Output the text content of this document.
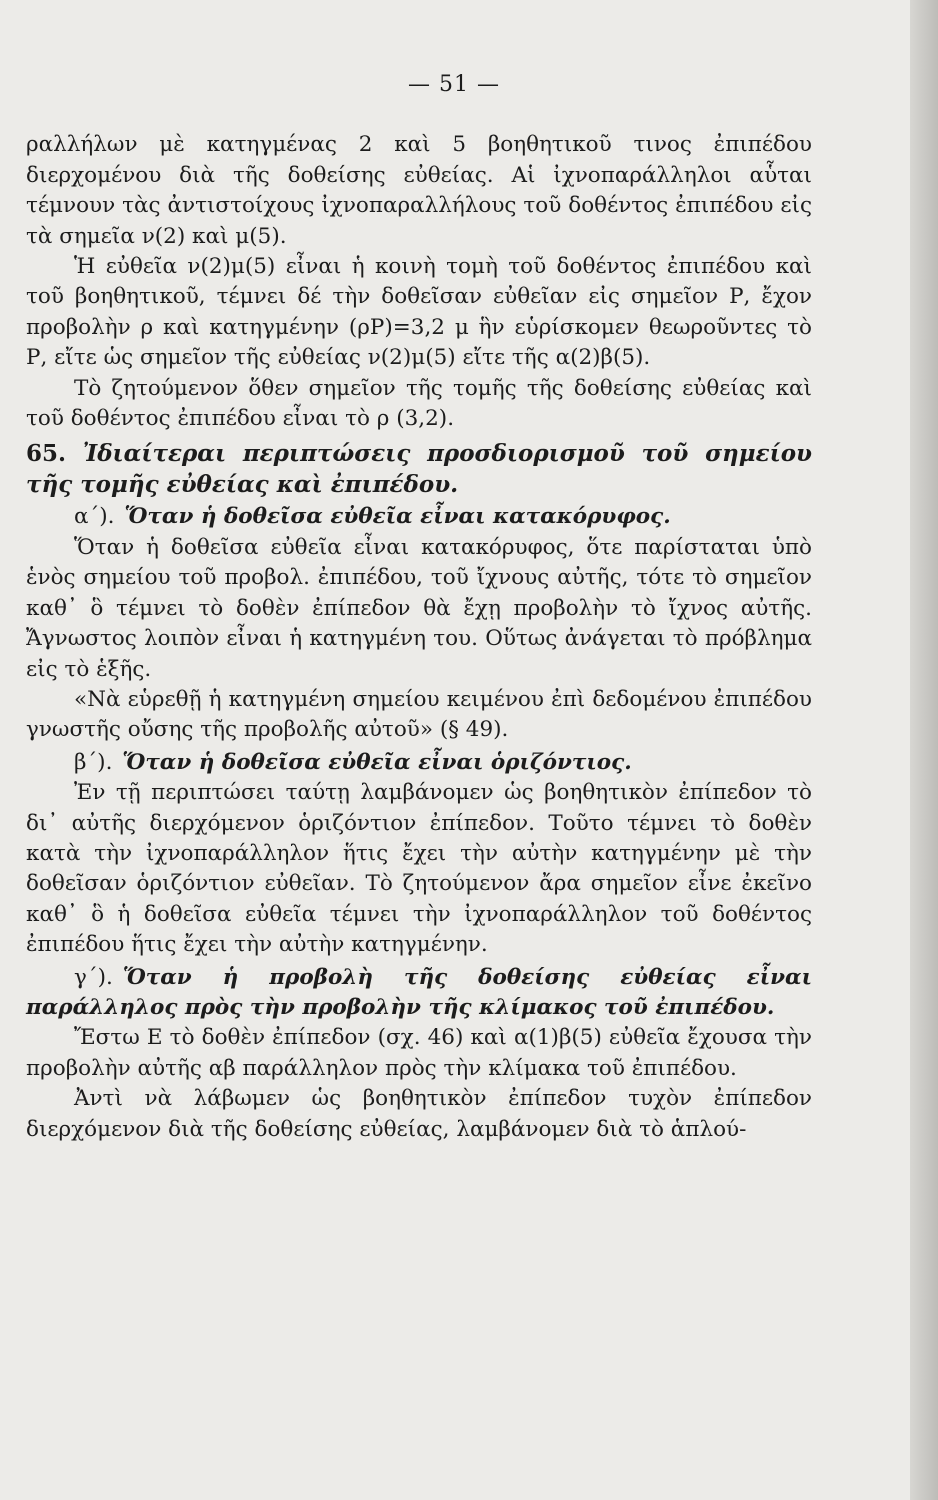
— 51 —

ραλλήλων μὲ κατηγμένας 2 καὶ 5 βοηθητικοῦ τινος ἐπιπέδου διερχομένου διὰ τῆς δοθείσης εὐθείας. Αἱ ἰχνοπαράλληλοι αὗται τέμνουν τὰς ἀντιστοίχους ἰχνοπαραλλήλους τοῦ δοθέντος ἐπιπέδου εἰς τὰ σημεῖα ν(2) καὶ μ(5).

Ἡ εὐθεῖα ν(2)μ(5) εἶναι ἡ κοινὴ τομὴ τοῦ δοθέντος ἐπιπέδου καὶ τοῦ βοηθητικοῦ, τέμνει δέ τὴν δοθεῖσαν εὐθεῖαν εἰς σημεῖον Ρ, ἔχον προβολὴν ρ καὶ κατηγμένην (ρΡ)=3,2 μ ἣν εὑρίσκομεν θεωροῦντες τὸ Ρ, εἴτε ὡς σημεῖον τῆς εὐθείας ν(2)μ(5) εἴτε τῆς α(2)β(5).

Τὸ ζητούμενον ὅθεν σημεῖον τῆς τομῆς τῆς δοθείσης εὐθείας καὶ τοῦ δοθέντος ἐπιπέδου εἶναι τὸ ρ (3,2).

65. Ἰδιαίτεραι περιπτώσεις προσδιορισμοῦ τοῦ σημείου τῆς τομῆς εὐθείας καὶ ἐπιπέδου.

α΄). Ὅταν ἡ δοθεῖσα εὐθεῖα εἶναι κατακόρυφος.

Ὅταν ἡ δοθεῖσα εὐθεῖα εἶναι κατακόρυφος, ὅτε παρίσταται ὑπὸ ἑνὸς σημείου τοῦ προβολ. ἐπιπέδου, τοῦ ἴχνους αὐτῆς, τότε τὸ σημεῖον καθ᾽ ὃ τέμνει τὸ δοθὲν ἐπίπεδον θὰ ἔχῃ προβολὴν τὸ ἴχνος αὐτῆς. Ἄγνωστος λοιπὸν εἶναι ἡ κατηγμένη του. Οὕτως ἀνάγεται τὸ πρόβλημα εἰς τὸ ἑξῆς.

«Νὰ εὑρεθῇ ἡ κατηγμένη σημείου κειμένου ἐπὶ δεδομένου ἐπιπέδου γνωστῆς οὔσης τῆς προβολῆς αὐτοῦ» (§ 49).

β΄). Ὅταν ἡ δοθεῖσα εὐθεῖα εἶναι ὁριζόντιος.

Ἐν τῇ περιπτώσει ταύτῃ λαμβάνομεν ὡς βοηθητικὸν ἐπίπεδον τὸ δι᾽ αὐτῆς διερχόμενον ὁριζόντιον ἐπίπεδον. Τοῦτο τέμνει τὸ δοθὲν κατὰ τὴν ἰχνοπαράλληλον ἥτις ἔχει τὴν αὐτὴν κατηγμένην μὲ τὴν δοθεῖσαν ὁριζόντιον εὐθεῖαν. Τὸ ζητούμενον ἄρα σημεῖον εἶνε ἐκεῖνο καθ᾽ ὃ ἡ δοθεῖσα εὐθεῖα τέμνει τὴν ἰχνοπαράλληλον τοῦ δοθέντος ἐπιπέδου ἥτις ἔχει τὴν αὐτὴν κατηγμένην.

γ΄). Ὅταν ἡ προβολὴ τῆς δοθείσης εὐθείας εἶναι παράλληλος πρὸς τὴν προβολὴν τῆς κλίμακος τοῦ ἐπιπέδου.

Ἔστω Ε τὸ δοθὲν ἐπίπεδον (σχ. 46) καὶ α(1)β(5) εὐθεῖα ἔχουσα τὴν προβολὴν αὐτῆς αβ παράλληλον πρὸς τὴν κλίμακα τοῦ ἐπιπέδου.

Ἀντὶ νὰ λάβωμεν ὡς βοηθητικὸν ἐπίπεδον τυχὸν ἐπίπεδον διερχόμενον διὰ τῆς δοθείσης εὐθείας, λαμβάνομεν διὰ τὸ ἁπλού-
